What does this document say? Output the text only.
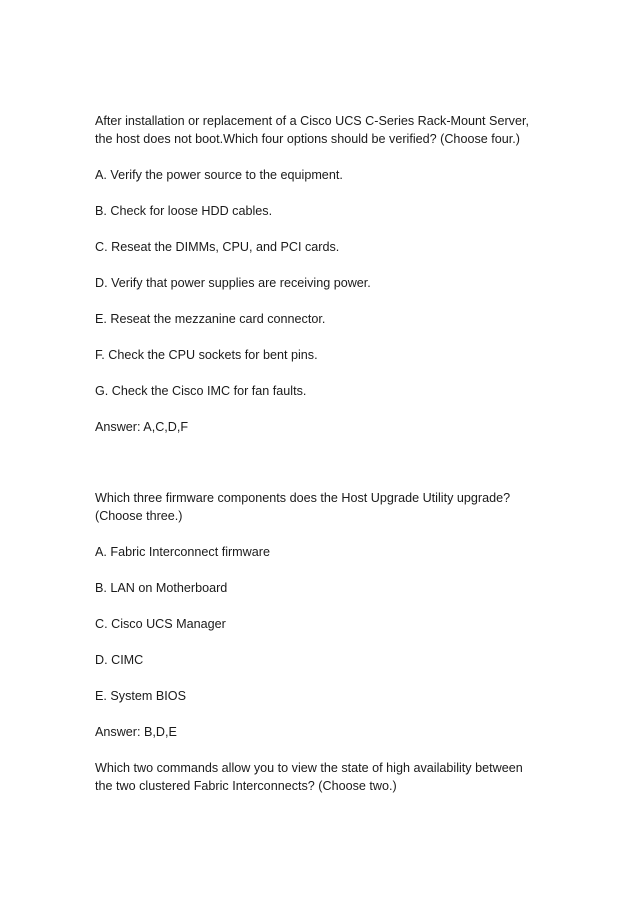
After installation or replacement of a Cisco UCS C-Series Rack-Mount Server,
the host does not boot.Which four options should be verified? (Choose four.)
A. Verify the power source to the equipment.
B. Check for loose HDD cables.
C. Reseat the DIMMs, CPU, and PCI cards.
D. Verify that power supplies are receiving power.
E. Reseat the mezzanine card connector.
F. Check the CPU sockets for bent pins.
G. Check the Cisco IMC for fan faults.
Answer: A,C,D,F
Which three firmware components does the Host Upgrade Utility upgrade?
(Choose three.)
A. Fabric Interconnect firmware
B. LAN on Motherboard
C. Cisco UCS Manager
D. CIMC
E. System BIOS
Answer: B,D,E
Which two commands allow you to view the state of high availability between
the two clustered Fabric Interconnects? (Choose two.)
